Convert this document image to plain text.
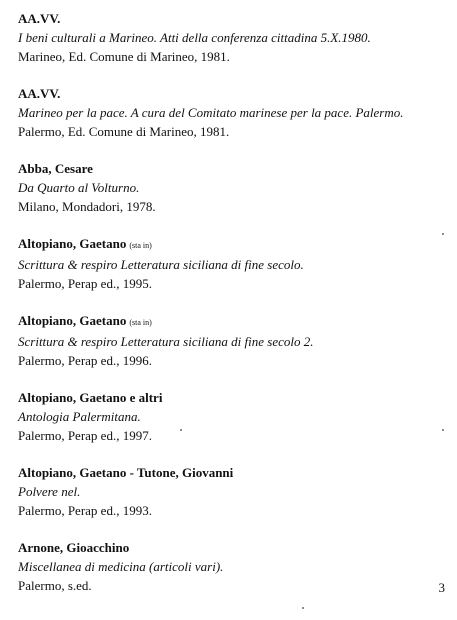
AA.VV.

I beni culturali a Marineo. Atti della conferenza cittadina 5.X.1980.

Marineo, Ed. Comune di Marineo, 1981.

AA.VV.

Marineo per la pace. A cura del Comitato marinese per la pace. Palermo.

Palermo, Ed. Comune di Marineo, 1981.

Abba, Cesare

Da Quarto al Volturno.

Milano, Mondadori, 1978.

Altopiano, Gaetano (sta in)

Scrittura & respiro Letteratura siciliana di fine secolo.

Palermo, Perap ed., 1995.

Altopiano, Gaetano (sta in)

Scrittura & respiro Letteratura siciliana di fine secolo 2.

Palermo, Perap ed., 1996.

Altopiano, Gaetano e altri

Antologia Palermitana.

Palermo, Perap ed., 1997.

Altopiano, Gaetano - Tutone, Giovanni

Polvere nel.

Palermo, Perap ed., 1993.

Arnone, Gioacchino

Miscellanea di medicina (articoli vari).

Palermo, s.ed.	3
